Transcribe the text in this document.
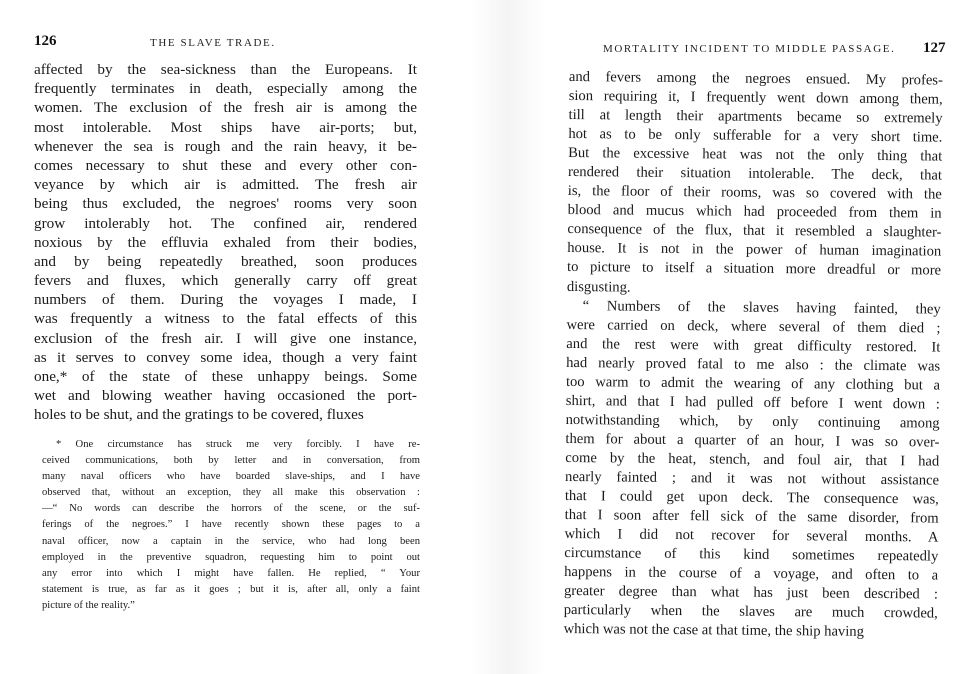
126	THE SLAVE TRADE.
affected by the sea-sickness than the Europeans. It
frequently terminates in death, especially among the
women. The exclusion of the fresh air is among the
most intolerable. Most ships have air-ports; but,
whenever the sea is rough and the rain heavy, it be-
comes necessary to shut these and every other con-
veyance by which air is admitted. The fresh air
being thus excluded, the negroes' rooms very soon
grow intolerably hot. The confined air, rendered
noxious by the effluvia exhaled from their bodies,
and by being repeatedly breathed, soon produces
fevers and fluxes, which generally carry off great
numbers of them. During the voyages I made, I
was frequently a witness to the fatal effects of this
exclusion of the fresh air. I will give one instance,
as it serves to convey some idea, though a very faint
one,* of the state of these unhappy beings. Some
wet and blowing weather having occasioned the port-
holes to be shut, and the gratings to be covered, fluxes
* One circumstance has struck me very forcibly. I have re-
ceived communications, both by letter and in conversation, from
many naval officers who have boarded slave-ships, and I have
observed that, without an exception, they all make this observation :
—“ No words can describe the horrors of the scene, or the suf-
ferings of the negroes.” I have recently shown these pages to a
naval officer, now a captain in the service, who had long been
employed in the preventive squadron, requesting him to point out
any error into which I might have fallen. He replied, “ Your
statement is true, as far as it goes ; but it is, after all, only a faint
picture of the reality.”
MORTALITY INCIDENT TO MIDDLE PASSAGE. 127
and fevers among the negroes ensued. My profes-
sion requiring it, I frequently went down among them,
till at length their apartments became so extremely
hot as to be only sufferable for a very short time.
But the excessive heat was not the only thing that
rendered their situation intolerable. The deck, that
is, the floor of their rooms, was so covered with the
blood and mucus which had proceeded from them in
consequence of the flux, that it resembled a slaughter-
house. It is not in the power of human imagination
to picture to itself a situation more dreadful or more
disgusting.
“ Numbers of the slaves having fainted, they
were carried on deck, where several of them died ;
and the rest were with great difficulty restored. It
had nearly proved fatal to me also : the climate was
too warm to admit the wearing of any clothing but a
shirt, and that I had pulled off before I went down :
notwithstanding which, by only continuing among
them for about a quarter of an hour, I was so over-
come by the heat, stench, and foul air, that I had
nearly fainted ; and it was not without assistance
that I could get upon deck. The consequence was,
that I soon after fell sick of the same disorder, from
which I did not recover for several months. A
circumstance of this kind sometimes repeatedly
happens in the course of a voyage, and often to a
greater degree than what has just been described :
particularly when the slaves are much crowded,
which was not the case at that time, the ship having
